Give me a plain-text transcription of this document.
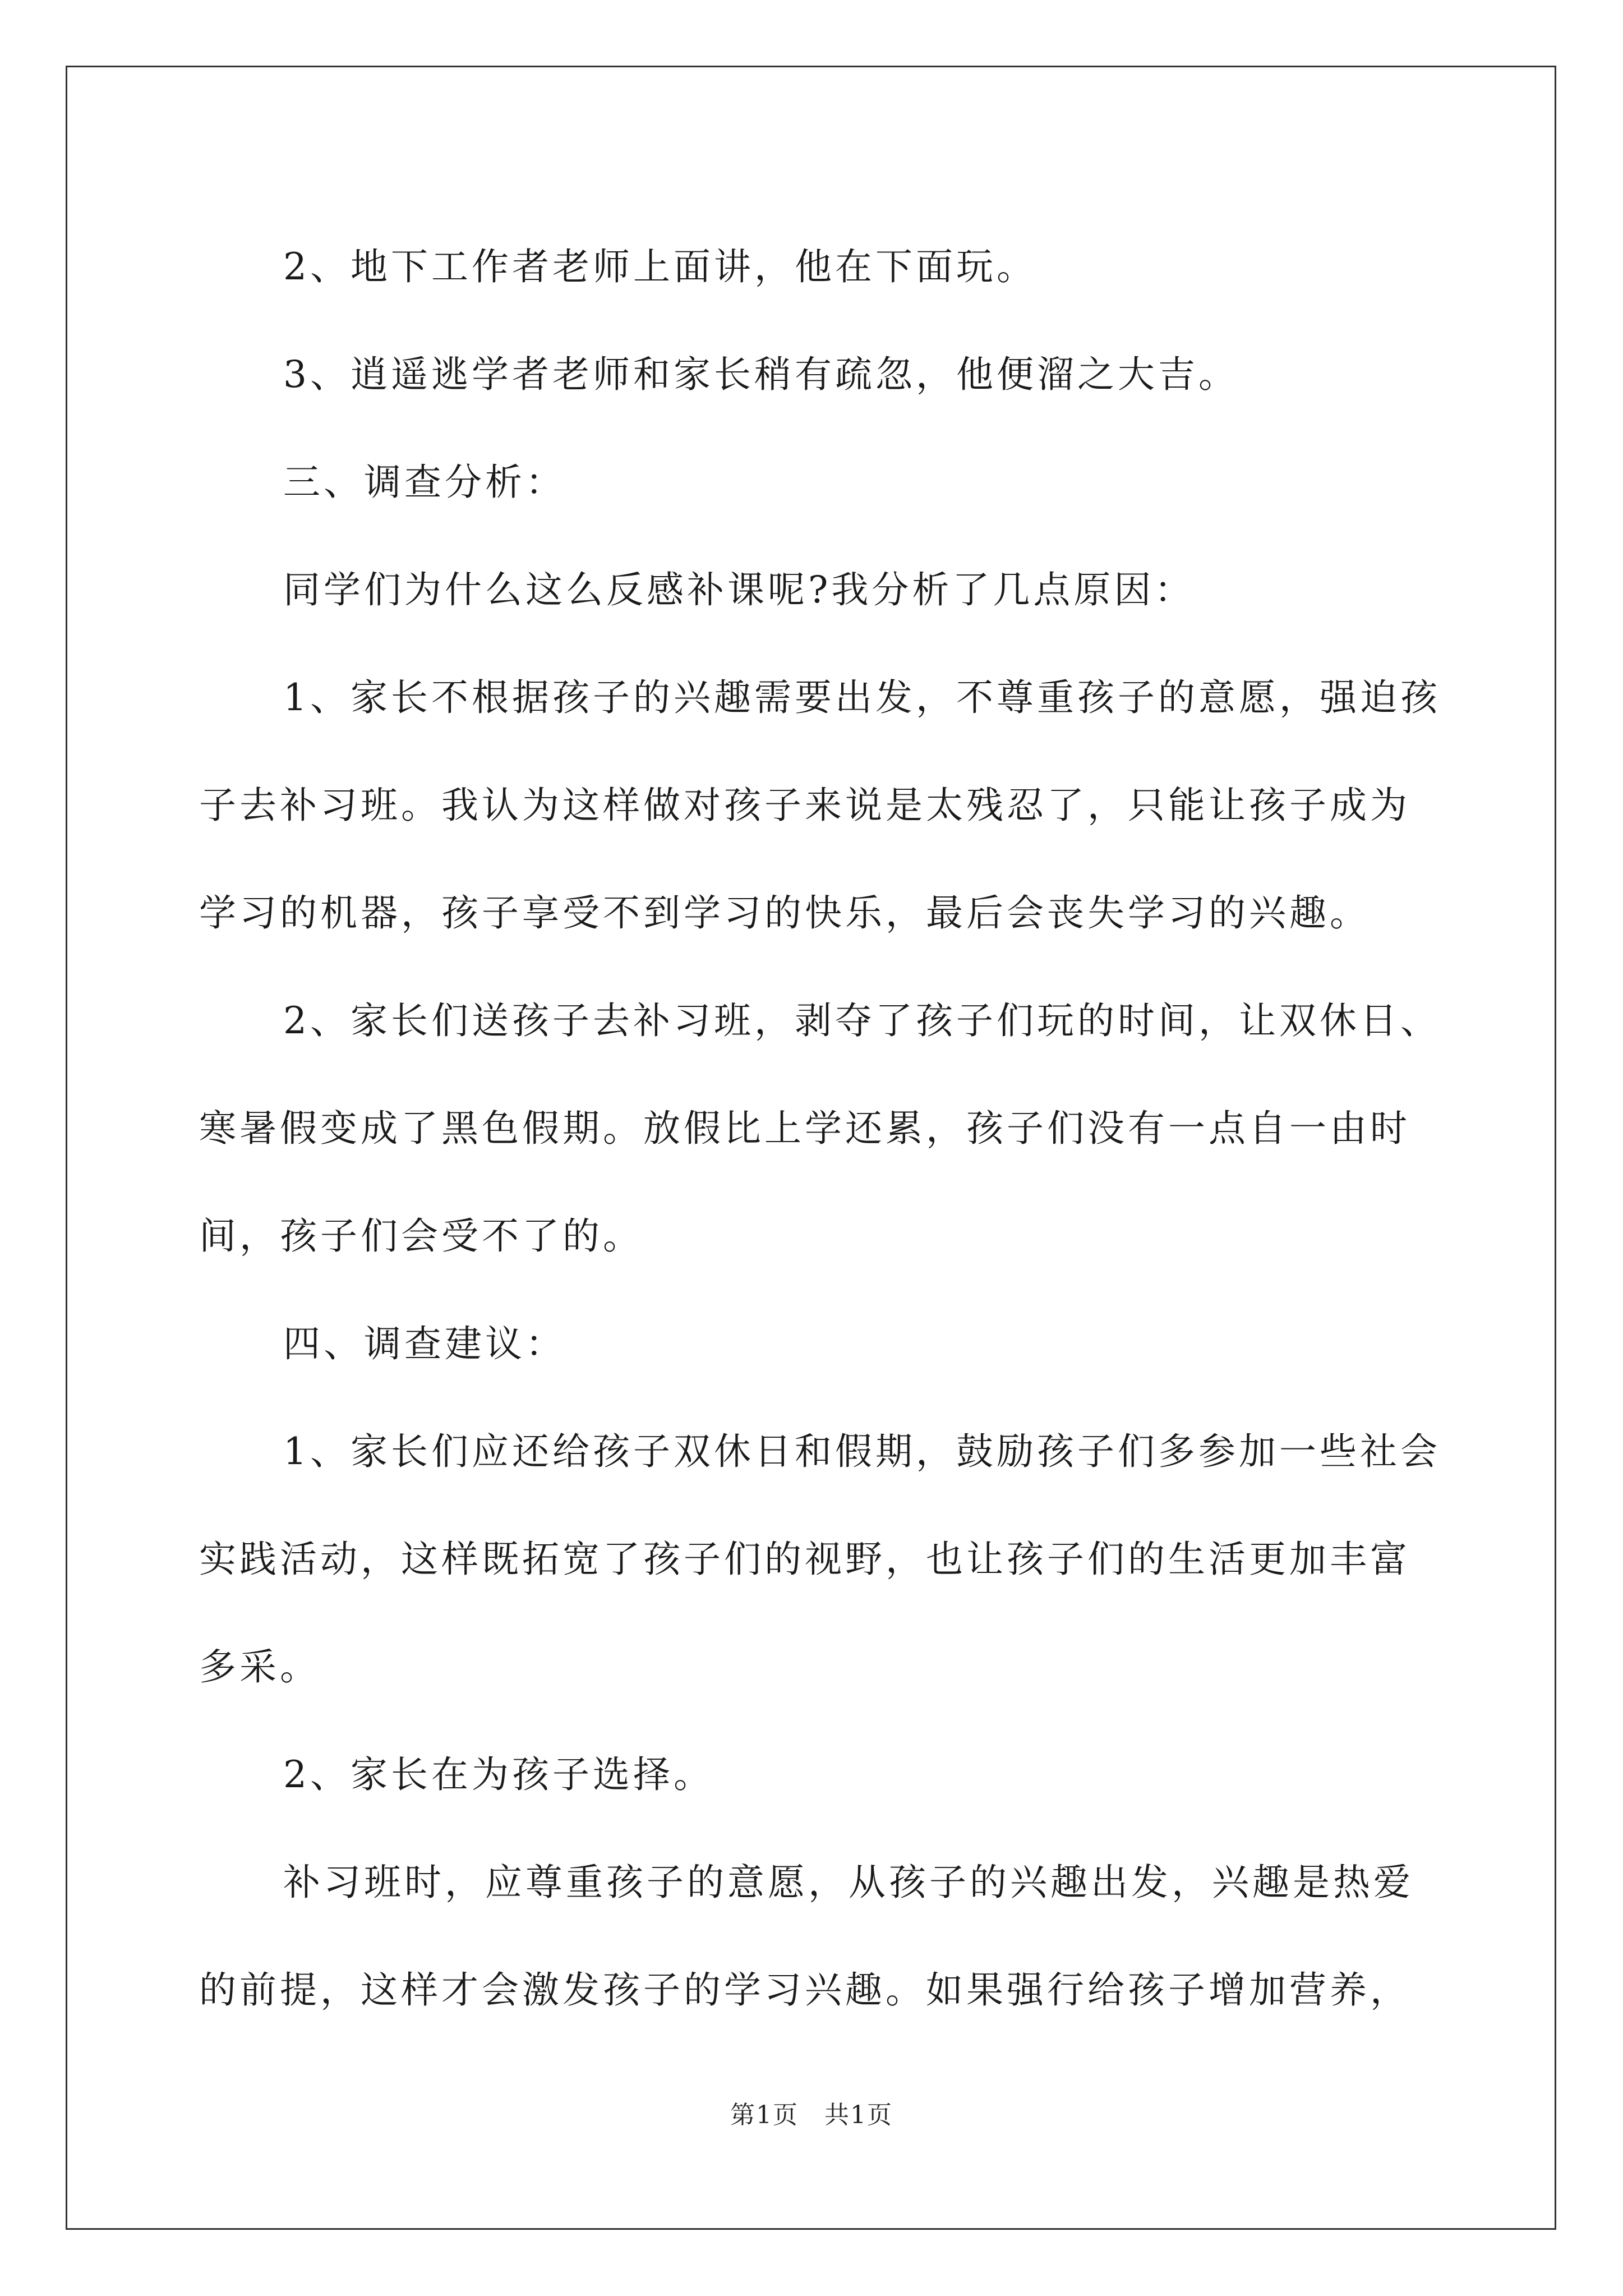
2、地下工作者老师上面讲，他在下面玩。

3、逍遥逃学者老师和家长稍有疏忽，他便溜之大吉。

三、调查分析：

同学们为什么这么反感补课呢?我分析了几点原因：

1、家长不根据孩子的兴趣需要出发，不尊重孩子的意愿，强迫孩子去补习班。我认为这样做对孩子来说是太残忍了，只能让孩子成为学习的机器，孩子享受不到学习的快乐，最后会丧失学习的兴趣。

2、家长们送孩子去补习班，剥夺了孩子们玩的时间，让双休日、寒暑假变成了黑色假期。放假比上学还累，孩子们没有一点自一由时间，孩子们会受不了的。

四、调查建议：

1、家长们应还给孩子双休日和假期，鼓励孩子们多参加一些社会实践活动，这样既拓宽了孩子们的视野，也让孩子们的生活更加丰富多采。

2、家长在为孩子选择。

补习班时，应尊重孩子的意愿，从孩子的兴趣出发，兴趣是热爱的前提，这样才会激发孩子的学习兴趣。如果强行给孩子增加营养，

第1页　共1页
